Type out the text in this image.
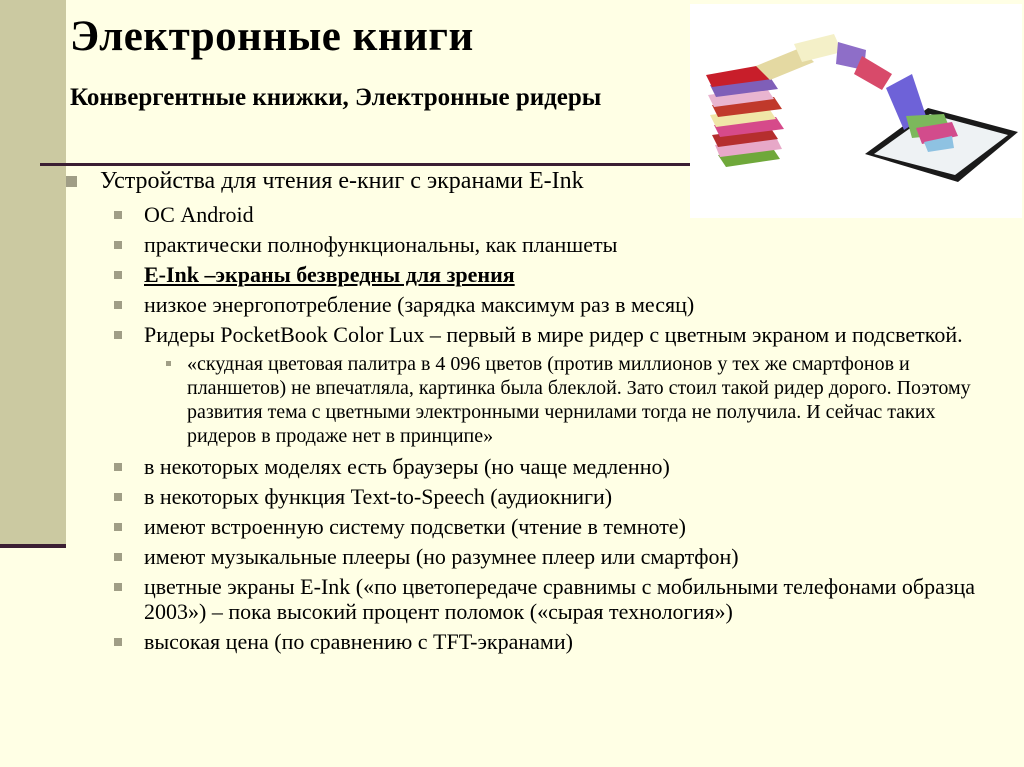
Электронные книги
Конвергентные книжки, Электронные ридеры
Устройства для чтения е-книг с экранами E-Ink
ОС Android
практически полнофункциональны, как планшеты
E-Ink –экраны безвредны для зрения
низкое энергопотребление (зарядка максимум раз в месяц)
Ридеры PocketBook Color Lux – первый в мире ридер с цветным экраном и подсветкой.
«скудная цветовая палитра в 4 096 цветов (против миллионов у тех же смартфонов и планшетов) не впечатляла, картинка была блеклой. Зато стоил такой ридер дорого. Поэтому развития тема с цветными электронными чернилами тогда не получила. И сейчас таких ридеров в продаже нет в принципе»
в некоторых моделях есть браузеры (но чаще медленно)
в некоторых функция Text-to-Speech (аудиокниги)
имеют встроенную систему подсветки (чтение в темноте)
имеют музыкальные плееры (но разумнее плеер или смартфон)
цветные экраны E-Ink («по цветопередаче сравнимы с мобильными телефонами образца 2003») – пока высокий процент поломок («сырая технология»)
высокая цена (по сравнению с TFT-экранами)
